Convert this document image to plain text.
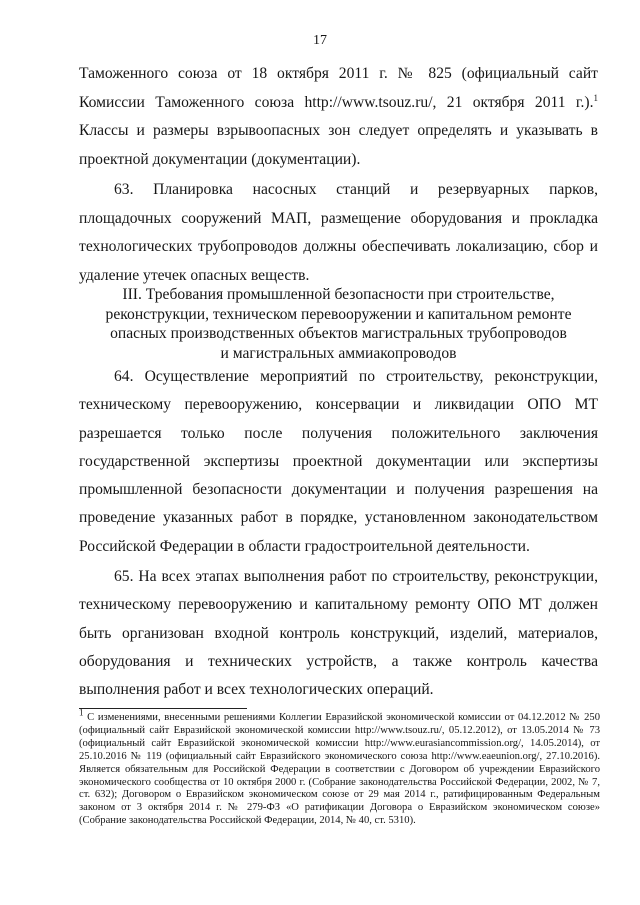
17

Таможенного союза от 18 октября 2011 г. № 825 (официальный сайт Комиссии Таможенного союза http://www.tsouz.ru/, 21 октября 2011 г.).$^1$ Классы и размеры взрывоопасных зон следует определять и указывать в проектной документации (документации).

63. Планировка насосных станций и резервуарных парков, площадочных сооружений МАП, размещение оборудования и прокладка технологических трубопроводов должны обеспечивать локализацию, сбор и удаление утечек опасных веществ.

III. Требования промышленной безопасности при строительстве,
реконструкции, техническом перевооружении и капитальном ремонте
опасных производственных объектов магистральных трубопроводов
и магистральных аммиакопроводов

64. Осуществление мероприятий по строительству, реконструкции, техническому перевооружению, консервации и ликвидации ОПО МТ разрешается только после получения положительного заключения государственной экспертизы проектной документации или экспертизы промышленной безопасности документации и получения разрешения на проведение указанных работ в порядке, установленном законодательством Российской Федерации в области градостроительной деятельности.

65. На всех этапах выполнения работ по строительству, реконструкции, техническому перевооружению и капитальному ремонту ОПО МТ должен быть организован входной контроль конструкций, изделий, материалов, оборудования и технических устройств, а также контроль качества выполнения работ и всех технологических операций.

$^1$ С изменениями, внесенными решениями Коллегии Евразийской экономической комиссии от 04.12.2012 № 250 (официальный сайт Евразийской экономической комиссии http://www.tsouz.ru/, 05.12.2012), от 13.05.2014 № 73 (официальный сайт Евразийской экономической комиссии http://www.eurasiancommission.org/, 14.05.2014), от 25.10.2016 № 119 (официальный сайт Евразийского экономического союза http://www.eaeunion.org/, 27.10.2016). Является обязательным для Российской Федерации в соответствии с Договором об учреждении Евразийского экономического сообщества от 10 октября 2000 г. (Собрание законодательства Российской Федерации, 2002, № 7, ст. 632); Договором о Евразийском экономическом союзе от 29 мая 2014 г., ратифицированным Федеральным законом от 3 октября 2014 г. № 279-ФЗ «О ратификации Договора о Евразийском экономическом союзе» (Собрание законодательства Российской Федерации, 2014, № 40, ст. 5310).
